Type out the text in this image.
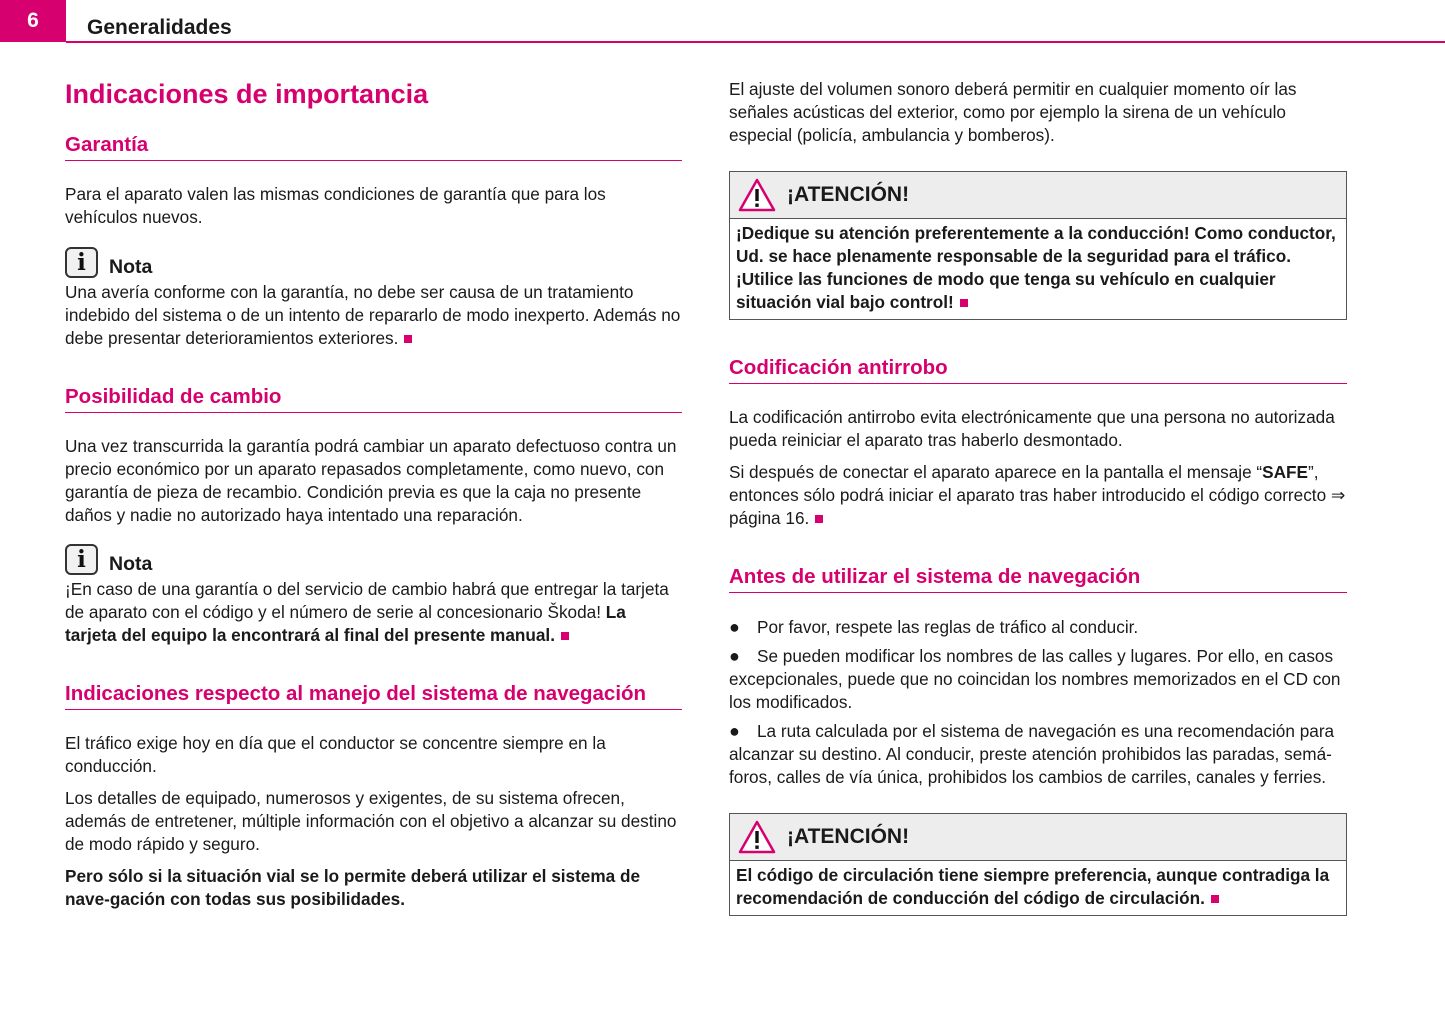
6	Generalidades
Indicaciones de importancia
Garantía

Para el aparato valen las mismas condiciones de garantía que para los vehículos nuevos.

i	Nota

Una avería conforme con la garantía, no debe ser causa de un tratamiento indebido del sistema o de un intento de repararlo de modo inexperto. Además no debe presentar deterioramientos exteriores.

Posibilidad de cambio

Una vez transcurrida la garantía podrá cambiar un aparato defectuoso contra un precio económico por un aparato repasados completamente, como nuevo, con garantía de pieza de recambio. Condición previa es que la caja no presente daños y nadie no autorizado haya intentado una reparación.

i	Nota

¡En caso de una garantía o del servicio de cambio habrá que entregar la tarjeta de aparato con el código y el número de serie al concesionario Škoda! La tarjeta del equipo la encontrará al final del presente manual.

Indicaciones respecto al manejo del sistema de navegación

El tráfico exige hoy en día que el conductor se concentre siempre en la conducción.

Los detalles de equipado, numerosos y exigentes, de su sistema ofrecen, además de entretener, múltiple información con el objetivo a alcanzar su destino de modo rápido y seguro.

Pero sólo si la situación vial se lo permite deberá utilizar el sistema de nave-gación con todas sus posibilidades.

El ajuste del volumen sonoro deberá permitir en cualquier momento oír las señales acústicas del exterior, como por ejemplo la sirena de un vehículo especial (policía, ambulancia y bomberos).

¡ATENCIÓN!
¡Dedique su atención preferentemente a la conducción! Como conductor, Ud. se hace plenamente responsable de la seguridad para el tráfico. ¡Utilice las funciones de modo que tenga su vehículo en cualquier situación vial bajo control!
Codificación antirrobo

La codificación antirrobo evita electrónicamente que una persona no autorizada pueda reiniciar el aparato tras haberlo desmontado.

Si después de conectar el aparato aparece en la pantalla el mensaje “SAFE”, entonces sólo podrá iniciar el aparato tras haber introducido el código correcto ⇒ página 16.

Antes de utilizar el sistema de navegación

● Por favor, respete las reglas de tráfico al conducir.

● Se pueden modificar los nombres de las calles y lugares. Por ello, en casos excepcionales, puede que no coincidan los nombres memorizados en el CD con los modificados.

● La ruta calculada por el sistema de navegación es una recomendación para alcanzar su destino. Al conducir, preste atención prohibidos las paradas, semá-foros, calles de vía única, prohibidos los cambios de carriles, canales y ferries.

¡ATENCIÓN!
El código de circulación tiene siempre preferencia, aunque contradiga la recomendación de conducción del código de circulación.
